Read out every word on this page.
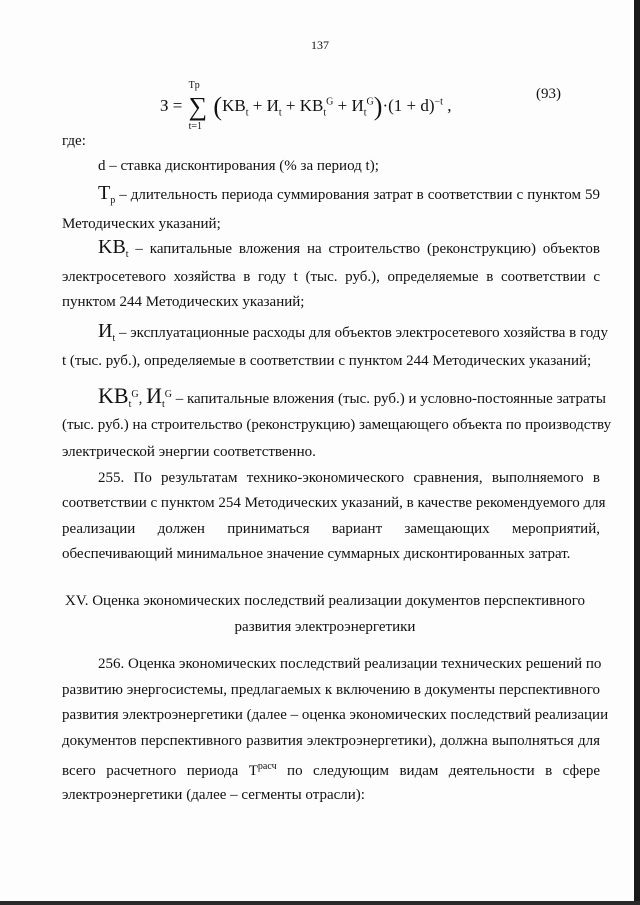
137
З = ∑
Tp
t=1
$(KB_t + И_t + KB_t^G + И_t^G)\cdot(1 + d)^{-t}$ ,
(93)
где:
d – ставка дисконтирования (% за период t);
$T_p$ – длительность периода суммирования затрат в соответствии с пунктом 59
Методических указаний;
$KB_t$ – капитальные вложения на строительство (реконструкцию) объектов
электросетевого хозяйства в году t (тыс. руб.), определяемые в соответствии с
пунктом 244 Методических указаний;
$И_t$ – эксплуатационные расходы для объектов электросетевого хозяйства в году
t (тыс. руб.), определяемые в соответствии с пунктом 244 Методических указаний;
$KB_t^G$, $И_t^G$ – капитальные вложения (тыс. руб.) и условно-постоянные затраты
(тыс. руб.) на строительство (реконструкцию) замещающего объекта по производству
электрической энергии соответственно.
255. По результатам технико-экономического сравнения, выполняемого в
соответствии с пунктом 254 Методических указаний, в качестве рекомендуемого для
реализации должен приниматься вариант замещающих мероприятий,
обеспечивающий минимальное значение суммарных дисконтированных затрат.
XV. Оценка экономических последствий реализации документов перспективного
развития электроэнергетики
256. Оценка экономических последствий реализации технических решений по
развитию энергосистемы, предлагаемых к включению в документы перспективного
развития электроэнергетики (далее – оценка экономических последствий реализации
документов перспективного развития электроэнергетики), должна выполняться для
всего расчетного периода $T^{расч}$ по следующим видам деятельности в сфере
электроэнергетики (далее – сегменты отрасли):
